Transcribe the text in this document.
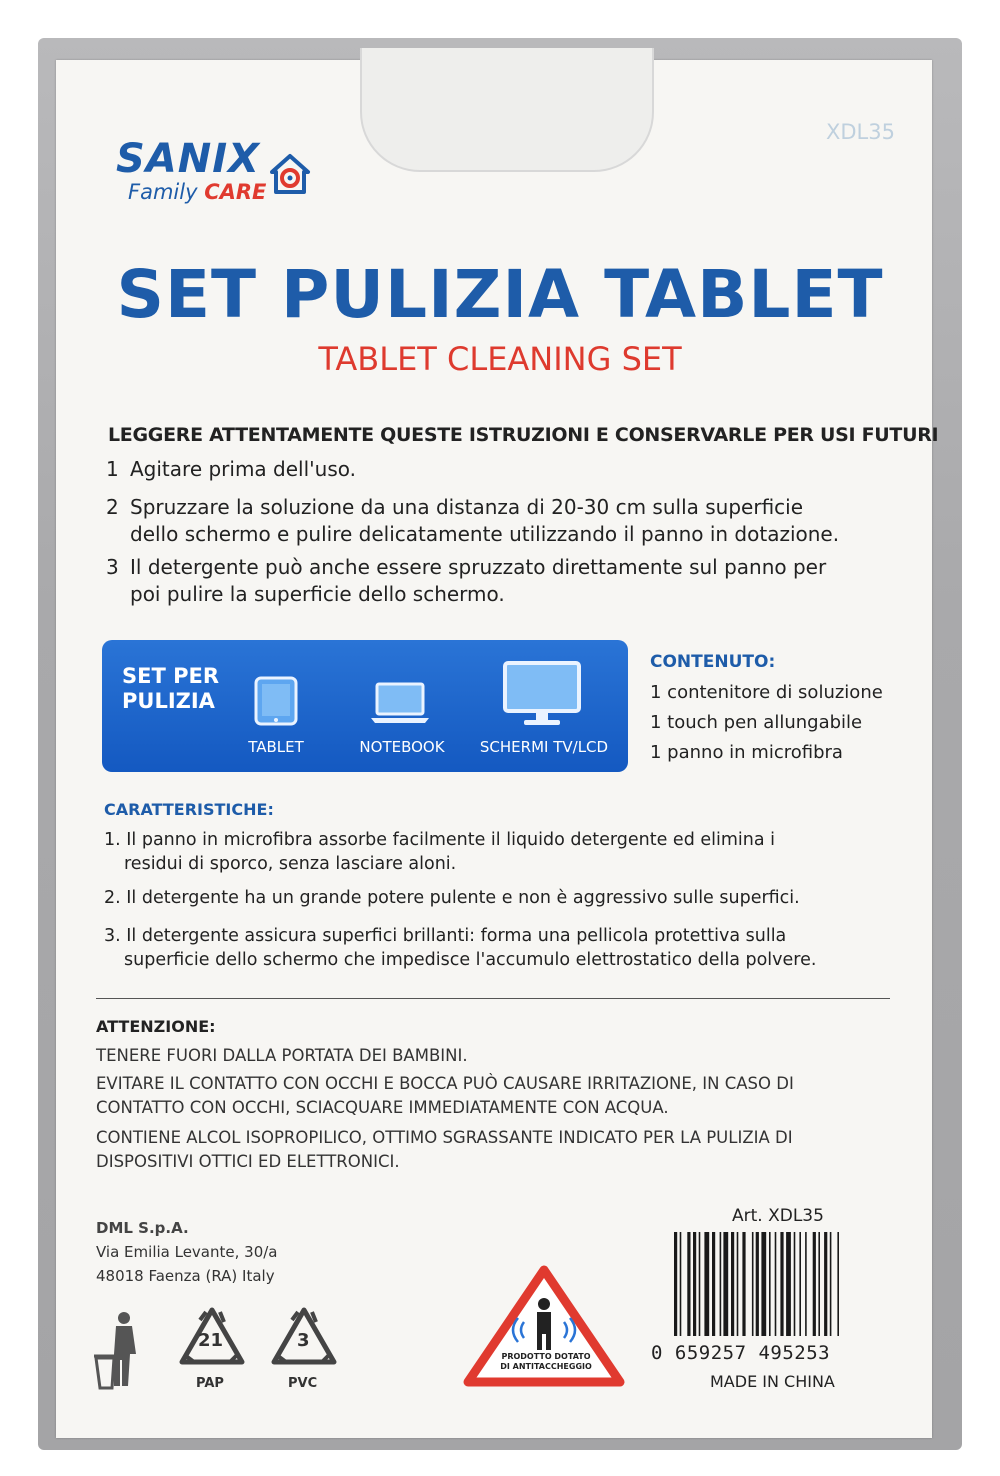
XDL35
SANIX
Family CARE
SET PULIZIA TABLET
TABLET CLEANING SET
LEGGERE ATTENTAMENTE QUESTE ISTRUZIONI E CONSERVARLE PER USI FUTURI
1 Agitare prima dell'uso.
2 Spruzzare la soluzione da una distanza di 20-30 cm sulla superficie
dello schermo e pulire delicatamente utilizzando il panno in dotazione.
3 Il detergente può anche essere spruzzato direttamente sul panno per
poi pulire la superficie dello schermo.
SET PER
PULIZIA
TABLET	NOTEBOOK	SCHERMI TV/LCD
CONTENUTO:
1 contenitore di soluzione
1 touch pen allungabile
1 panno in microfibra
CARATTERISTICHE:
1. Il panno in microfibra assorbe facilmente il liquido detergente ed elimina i
residui di sporco, senza lasciare aloni.
2. Il detergente ha un grande potere pulente e non è aggressivo sulle superfici.
3. Il detergente assicura superfici brillanti: forma una pellicola protettiva sulla
superficie dello schermo che impedisce l'accumulo elettrostatico della polvere.
ATTENZIONE:
TENERE FUORI DALLA PORTATA DEI BAMBINI.
EVITARE IL CONTATTO CON OCCHI E BOCCA PUÒ CAUSARE IRRITAZIONE, IN CASO DI
CONTATTO CON OCCHI, SCIACQUARE IMMEDIATAMENTE CON ACQUA.
CONTIENE ALCOL ISOPROPILICO, OTTIMO SGRASSANTE INDICATO PER LA PULIZIA DI
DISPOSITIVI OTTICI ED ELETTRONICI.
DML S.p.A.
Via Emilia Levante, 30/a
48018 Faenza (RA) Italy
21
PAP
3
PVC
PRODOTTO DOTATO
DI ANTITACCHEGGIO
Art. XDL35
0 659257 495253
MADE IN CHINA
